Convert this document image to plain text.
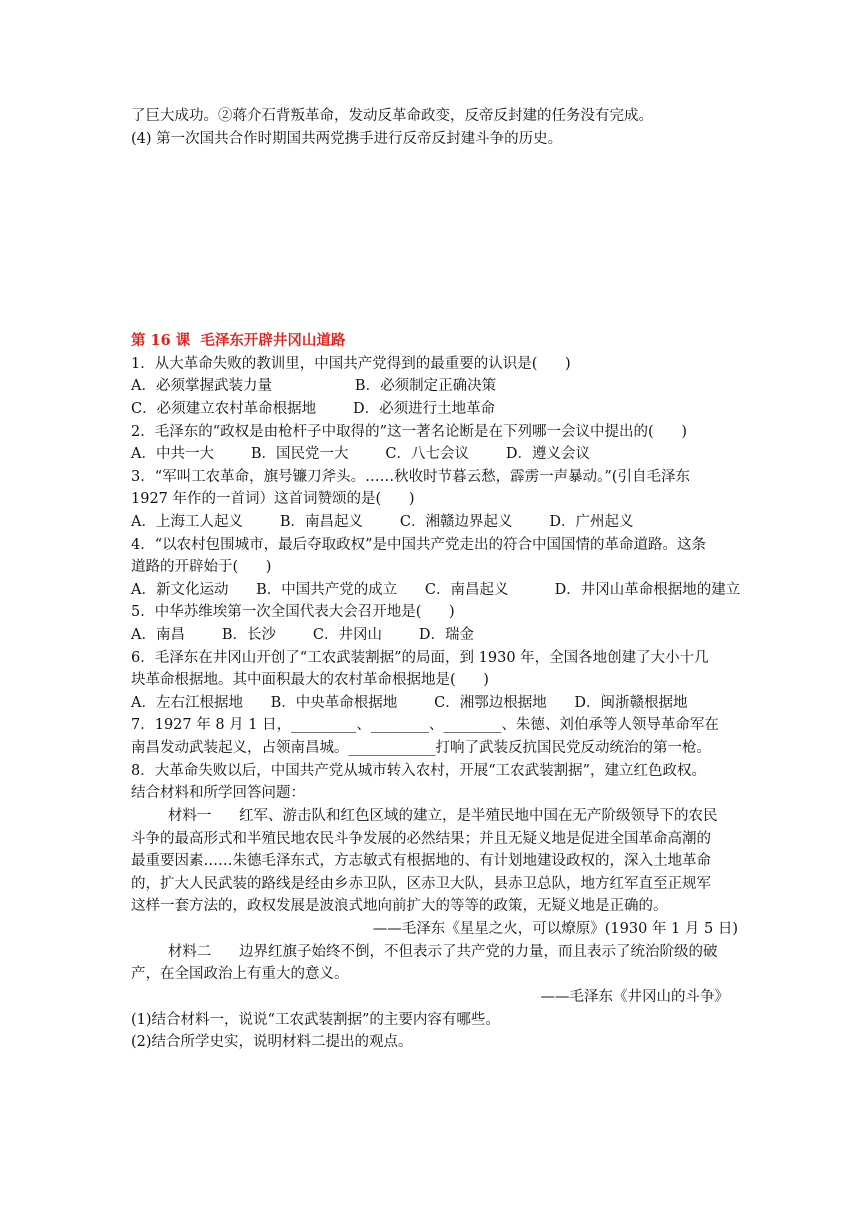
了巨大成功。②蒋介石背叛革命，发动反革命政变，反帝反封建的任务没有完成。
(4) 第一次国共合作时期国共两党携手进行反帝反封建斗争的历史。
第 16 课  毛泽东开辟井冈山道路
1．从大革命失败的教训里，中国共产党得到的最重要的认识是(      )
A．必须掌握武装力量                  B．必须制定正确决策
C．必须建立农村革命根据地        D．必须进行土地革命
2．毛泽东的“政权是由枪杆子中取得的”这一著名论断是在下列哪一会议中提出的(      )
A．中共一大        B．国民党一大        C．八七会议        D．遵义会议
3．“军叫工农革命，旗号镰刀斧头。……秋收时节暮云愁，霹雳一声暴动。”(引自毛泽东
1927 年作的一首词）这首词赞颂的是(      )
A．上海工人起义        B．南昌起义        C．湘赣边界起义        D．广州起义
4．“以农村包围城市，最后夺取政权”是中国共产党走出的符合中国国情的革命道路。这条
道路的开辟始于(      )
A．新文化运动      B．中国共产党的成立      C．南昌起义          D．井冈山革命根据地的建立
5．中华苏维埃第一次全国代表大会召开地是(      )
A．南昌        B．长沙        C．井冈山        D．瑞金
6．毛泽东在井冈山开创了“工农武装割据”的局面，到 1930 年，全国各地创建了大小十几
块革命根据地。其中面积最大的农村革命根据地是(      )
A．左右江根据地      B．中央革命根据地        C．湘鄂边根据地      D．闽浙赣根据地
7．1927 年 8 月 1 日，_________、________、________、朱德、刘伯承等人领导革命军在
南昌发动武装起义，占领南昌城。____________打响了武装反抗国民党反动统治的第一枪。
8．大革命失败以后，中国共产党从城市转入农村，开展“工农武装割据”，建立红色政权。
结合材料和所学回答问题：
材料一      红军、游击队和红色区域的建立，是半殖民地中国在无产阶级领导下的农民
斗争的最高形式和半殖民地农民斗争发展的必然结果；并且无疑义地是促进全国革命高潮的
最重要因素……朱德毛泽东式，方志敏式有根据地的、有计划地建设政权的，深入土地革命
的，扩大人民武装的路线是经由乡赤卫队，区赤卫大队，县赤卫总队，地方红军直至正规军
这样一套方法的，政权发展是波浪式地向前扩大的等等的政策，无疑义地是正确的。
——毛泽东《星星之火，可以燎原》(1930 年 1 月 5 日)
材料二      边界红旗子始终不倒，不但表示了共产党的力量，而且表示了统治阶级的破
产，在全国政治上有重大的意义。
——毛泽东《井冈山的斗争》
(1)结合材料一，说说“工农武装割据”的主要内容有哪些。
(2)结合所学史实，说明材料二提出的观点。
